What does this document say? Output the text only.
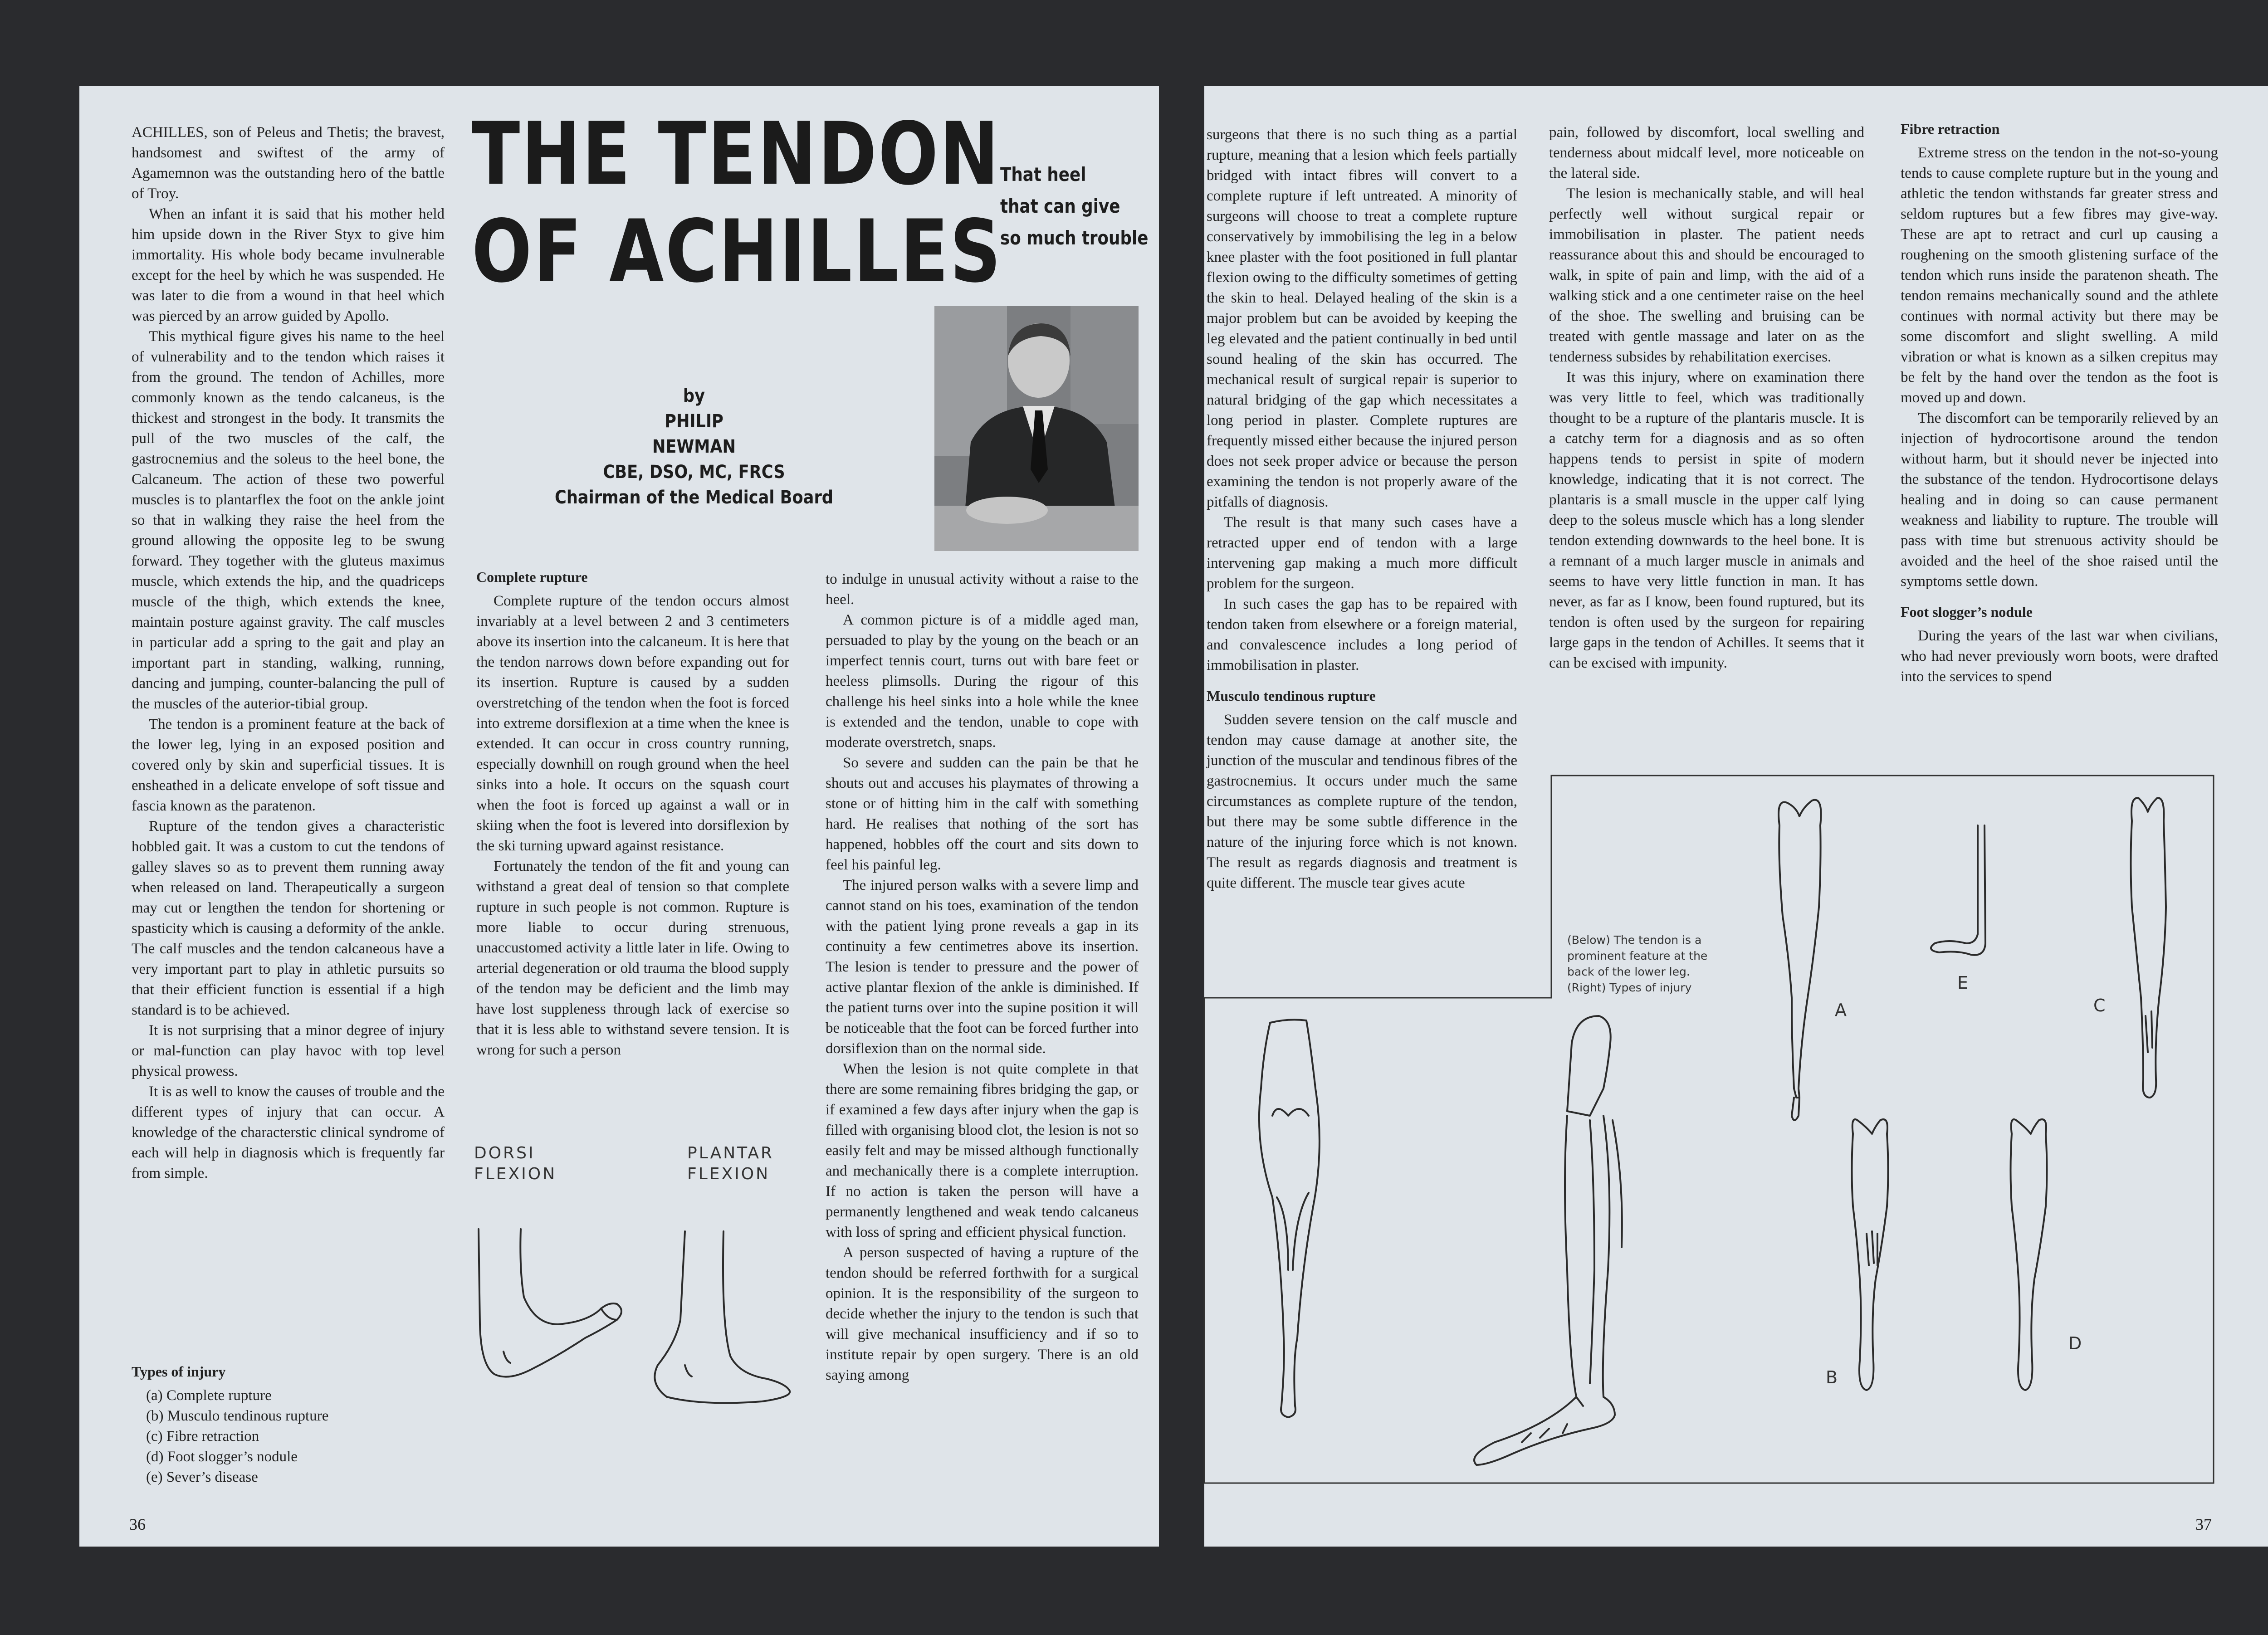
ACHILLES, son of Peleus and Thetis; the bravest, handsomest and swiftest of the army of Agamemnon was the outstanding hero of the battle of Troy.

When an infant it is said that his mother held him upside down in the River Styx to give him immortality. His whole body became invulnerable except for the heel by which he was suspended. He was later to die from a wound in that heel which was pierced by an arrow guided by Apollo.

This mythical figure gives his name to the heel of vulnerability and to the tendon which raises it from the ground. The tendon of Achilles, more commonly known as the tendo calcaneus, is the thickest and strongest in the body. It transmits the pull of the two muscles of the calf, the gastrocnemius and the soleus to the heel bone, the Calcaneum. The action of these two powerful muscles is to plantarflex the foot on the ankle joint so that in walking they raise the heel from the ground allowing the opposite leg to be swung forward. They together with the gluteus maximus muscle, which extends the hip, and the quadriceps muscle of the thigh, which extends the knee, maintain posture against gravity. The calf muscles in particular add a spring to the gait and play an important part in standing, walking, running, dancing and jumping, counter-balancing the pull of the muscles of the auterior-tibial group.

The tendon is a prominent feature at the back of the lower leg, lying in an exposed position and covered only by skin and superficial tissues. It is ensheathed in a delicate envelope of soft tissue and fascia known as the paratenon.

Rupture of the tendon gives a characteristic hobbled gait. It was a custom to cut the tendons of galley slaves so as to prevent them running away when released on land. Therapeutically a surgeon may cut or lengthen the tendon for shortening or spasticity which is causing a deformity of the ankle. The calf muscles and the tendon calcaneous have a very important part to play in athletic pursuits so that their efficient function is essential if a high standard is to be achieved.

It is not surprising that a minor degree of injury or mal-function can play havoc with top level physical prowess.

It is as well to know the causes of trouble and the different types of injury that can occur. A knowledge of the characterstic clinical syndrome of each will help in diagnosis which is frequently far from simple.

Types of injury
(a) Complete rupture
(b) Musculo tendinous rupture
(c) Fibre retraction
(d) Foot slogger’s nodule
(e) Sever’s disease
THE TENDON
OF ACHILLES
That heel
that can give
so much trouble
by
PHILIP
NEWMAN
CBE, DSO, MC, FRCS
Chairman of the Medical Board
Complete rupture

Complete rupture of the tendon occurs almost invariably at a level between 2 and 3 centimeters above its insertion into the calcaneum. It is here that the tendon narrows down before expanding out for its insertion. Rupture is caused by a sudden overstretching of the tendon when the foot is forced into extreme dorsiflexion at a time when the knee is extended. It can occur in cross country running, especially downhill on rough ground when the heel sinks into a hole. It occurs on the squash court when the foot is forced up against a wall or in skiing when the foot is levered into dorsiflexion by the ski turning upward against resistance.

Fortunately the tendon of the fit and young can withstand a great deal of tension so that complete rupture in such people is not common. Rupture is more liable to occur during strenuous, unaccustomed activity a little later in life. Owing to arterial degeneration or old trauma the blood supply of the tendon may be deficient and the limb may have lost suppleness through lack of exercise so that it is less able to withstand severe tension. It is wrong for such a person

DORSI
FLEXION
PLANTAR
FLEXION

to indulge in unusual activity without a raise to the heel.

A common picture is of a middle aged man, persuaded to play by the young on the beach or an imperfect tennis court, turns out with bare feet or heeless plimsolls. During the rigour of this challenge his heel sinks into a hole while the knee is extended and the tendon, unable to cope with moderate overstretch, snaps.

So severe and sudden can the pain be that he shouts out and accuses his playmates of throwing a stone or of hitting him in the calf with something hard. He realises that nothing of the sort has happened, hobbles off the court and sits down to feel his painful leg.

The injured person walks with a severe limp and cannot stand on his toes, examination of the tendon with the patient lying prone reveals a gap in its continuity a few centimetres above its insertion. The lesion is tender to pressure and the power of active plantar flexion of the ankle is diminished. If the patient turns over into the supine position it will be noticeable that the foot can be forced further into dorsiflexion than on the normal side.

When the lesion is not quite complete in that there are some remaining fibres bridging the gap, or if examined a few days after injury when the gap is filled with organising blood clot, the lesion is not so easily felt and may be missed although functionally and mechanically there is a complete interruption. If no action is taken the person will have a permanently lengthened and weak tendo calcaneus with loss of spring and efficient physical function.

A person suspected of having a rupture of the tendon should be referred forthwith for a surgical opinion. It is the responsibility of the surgeon to decide whether the injury to the tendon is such that will give mechanical insufficiency and if so to institute repair by open surgery. There is an old saying among

36

surgeons that there is no such thing as a partial rupture, meaning that a lesion which feels partially bridged with intact fibres will convert to a complete rupture if left untreated. A minority of surgeons will choose to treat a complete rupture conservatively by immobilising the leg in a below knee plaster with the foot positioned in full plantar flexion owing to the difficulty sometimes of getting the skin to heal. Delayed healing of the skin is a major problem but can be avoided by keeping the leg elevated and the patient continually in bed until sound healing of the skin has occurred. The mechanical result of surgical repair is superior to natural bridging of the gap which necessitates a long period in plaster. Complete ruptures are frequently missed either because the injured person does not seek proper advice or because the person examining the tendon is not properly aware of the pitfalls of diagnosis.

The result is that many such cases have a retracted upper end of tendon with a large intervening gap making a much more difficult problem for the surgeon.

In such cases the gap has to be repaired with tendon taken from elsewhere or a foreign material, and convalescence includes a long period of immobilisation in plaster.

Musculo tendinous rupture

Sudden severe tension on the calf muscle and tendon may cause damage at another site, the junction of the muscular and tendinous fibres of the gastrocnemius. It occurs under much the same circumstances as complete rupture of the tendon, but there may be some subtle difference in the nature of the injuring force which is not known. The result as regards diagnosis and treatment is quite different. The muscle tear gives acute

pain, followed by discomfort, local swelling and tenderness about midcalf level, more noticeable on the lateral side.

The lesion is mechanically stable, and will heal perfectly well without surgical repair or immobilisation in plaster. The patient needs reassurance about this and should be encouraged to walk, in spite of pain and limp, with the aid of a walking stick and a one centimeter raise on the heel of the shoe. The swelling and bruising can be treated with gentle massage and later on as the tenderness subsides by rehabilitation exercises.

It was this injury, where on examination there was very little to feel, which was traditionally thought to be a rupture of the plantaris muscle. It is a catchy term for a diagnosis and as so often happens tends to persist in spite of modern knowledge, indicating that it is not correct. The plantaris is a small muscle in the upper calf lying deep to the soleus muscle which has a long slender tendon extending downwards to the heel bone. It is a remnant of a much larger muscle in animals and seems to have very little function in man. It has never, as far as I know, been found ruptured, but its tendon is often used by the surgeon for repairing large gaps in the tendon of Achilles. It seems that it can be excised with impunity.

Fibre retraction

Extreme stress on the tendon in the not-so-young tends to cause complete rupture but in the young and athletic the tendon withstands far greater stress and seldom ruptures but a few fibres may give-way. These are apt to retract and curl up causing a roughening on the smooth glistening surface of the tendon which runs inside the paratenon sheath. The tendon remains mechanically sound and the athlete continues with normal activity but there may be some discomfort and slight swelling. A mild vibration or what is known as a silken crepitus may be felt by the hand over the tendon as the foot is moved up and down.

The discomfort can be temporarily relieved by an injection of hydrocortisone around the tendon without harm, but it should never be injected into the substance of the tendon. Hydrocortisone delays healing and in doing so can cause permanent weakness and liability to rupture. The trouble will pass with time but strenuous activity should be avoided and the heel of the shoe raised until the symptoms settle down.

Foot slogger’s nodule

During the years of the last war when civilians, who had never previously worn boots, were drafted into the services to spend

(Below) The tendon is a
prominent feature at the
back of the lower leg.
(Right) Types of injury
A
E
C
B
D
37
